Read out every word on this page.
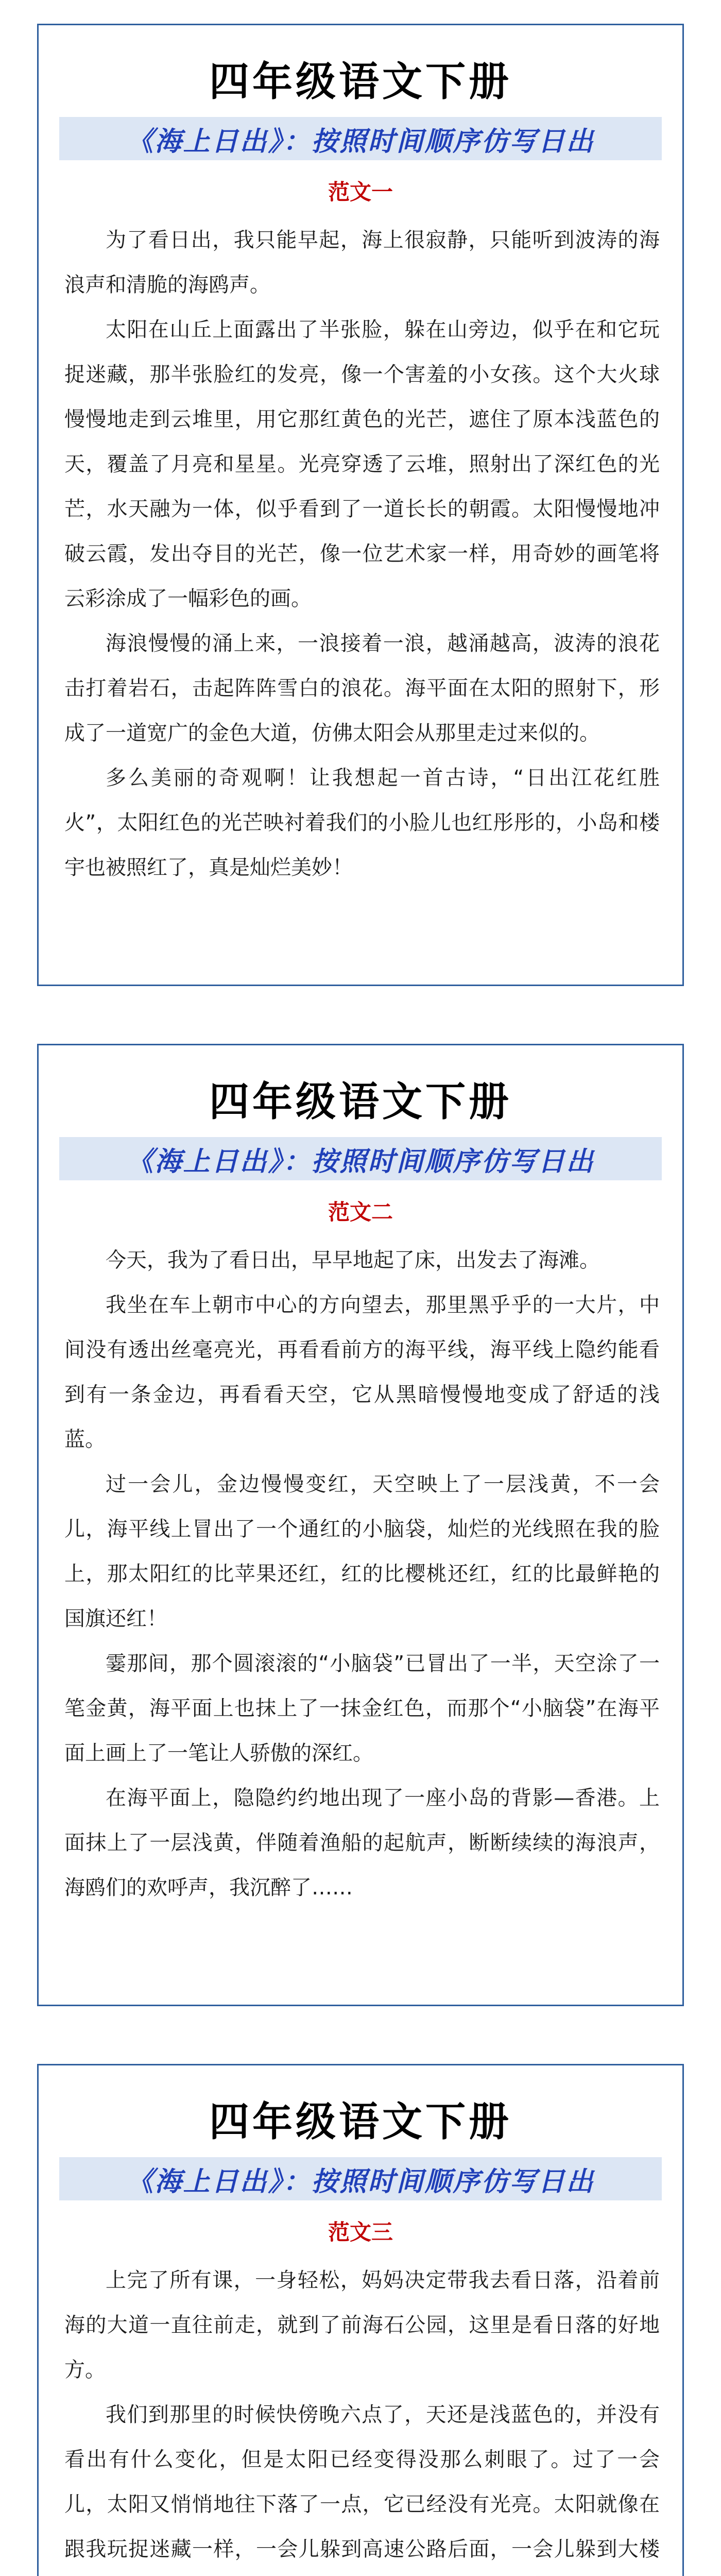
四年级语文下册
《海上日出》：按照时间顺序仿写日出
范文一

为了看日出，我只能早起，海上很寂静，只能听到波涛的海浪声和清脆的海鸥声。

太阳在山丘上面露出了半张脸，躲在山旁边，似乎在和它玩捉迷藏，那半张脸红的发亮，像一个害羞的小女孩。这个大火球慢慢地走到云堆里，用它那红黄色的光芒，遮住了原本浅蓝色的天，覆盖了月亮和星星。光亮穿透了云堆，照射出了深红色的光芒，水天融为一体，似乎看到了一道长长的朝霞。太阳慢慢地冲破云霞，发出夺目的光芒，像一位艺术家一样，用奇妙的画笔将云彩涂成了一幅彩色的画。

海浪慢慢的涌上来，一浪接着一浪，越涌越高，波涛的浪花击打着岩石，击起阵阵雪白的浪花。海平面在太阳的照射下，形成了一道宽广的金色大道，仿佛太阳会从那里走过来似的。

多么美丽的奇观啊！让我想起一首古诗，“日出江花红胜火”，太阳红色的光芒映衬着我们的小脸儿也红彤彤的，小岛和楼宇也被照红了，真是灿烂美妙！

四年级语文下册
《海上日出》：按照时间顺序仿写日出
范文二

今天，我为了看日出，早早地起了床，出发去了海滩。

我坐在车上朝市中心的方向望去，那里黑乎乎的一大片，中间没有透出丝毫亮光，再看看前方的海平线，海平线上隐约能看到有一条金边，再看看天空，它从黑暗慢慢地变成了舒适的浅蓝。

过一会儿，金边慢慢变红，天空映上了一层浅黄，不一会儿，海平线上冒出了一个通红的小脑袋，灿烂的光线照在我的脸上，那太阳红的比苹果还红，红的比樱桃还红，红的比最鲜艳的国旗还红！

霎那间，那个圆滚滚的“小脑袋”已冒出了一半，天空涂了一笔金黄，海平面上也抹上了一抹金红色，而那个“小脑袋”在海平面上画上了一笔让人骄傲的深红。

在海平面上，隐隐约约地出现了一座小岛的背影—香港。上面抹上了一层浅黄，伴随着渔船的起航声，断断续续的海浪声，海鸥们的欢呼声，我沉醉了……

四年级语文下册
《海上日出》：按照时间顺序仿写日出
范文三

上完了所有课，一身轻松，妈妈决定带我去看日落，沿着前海的大道一直往前走，就到了前海石公园，这里是看日落的好地方。

我们到那里的时候快傍晚六点了，天还是浅蓝色的，并没有看出有什么变化，但是太阳已经变得没那么刺眼了。过了一会儿，太阳又悄悄地往下落了一点，它已经没有光亮。太阳就像在跟我玩捉迷藏一样，一会儿躲到高速公路后面，一会儿躲到大楼
